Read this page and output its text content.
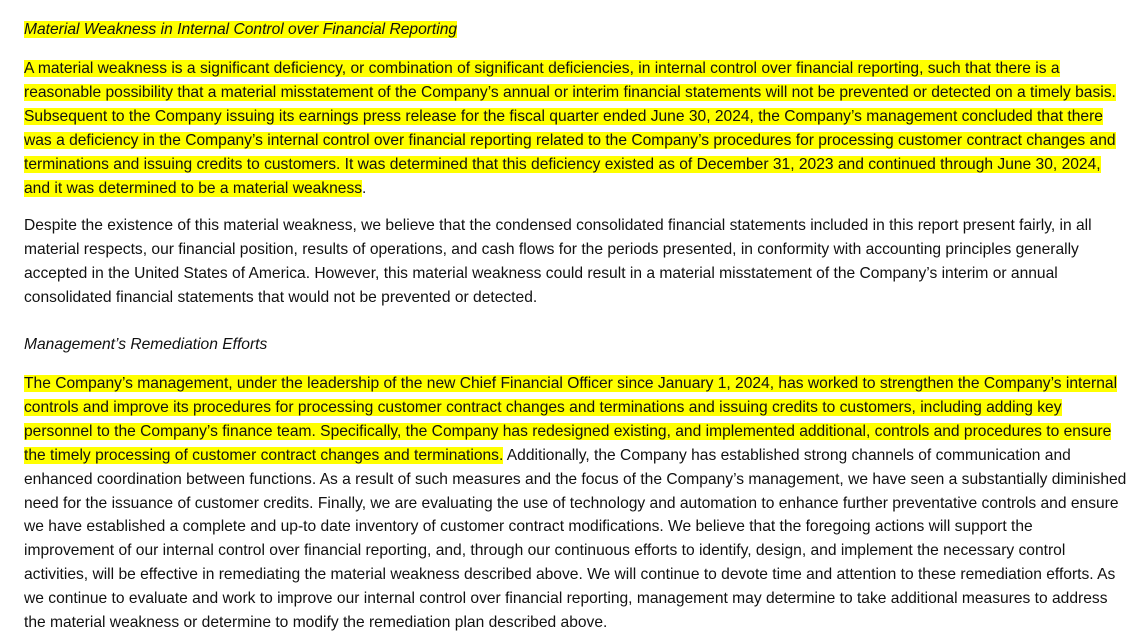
Material Weakness in Internal Control over Financial Reporting

A material weakness is a significant deficiency, or combination of significant deficiencies, in internal control over financial reporting, such that there is a reasonable possibility that a material misstatement of the Company’s annual or interim financial statements will not be prevented or detected on a timely basis. Subsequent to the Company issuing its earnings press release for the fiscal quarter ended June 30, 2024, the Company’s management concluded that there was a deficiency in the Company’s internal control over financial reporting related to the Company’s procedures for processing customer contract changes and terminations and issuing credits to customers. It was determined that this deficiency existed as of December 31, 2023 and continued through June 30, 2024, and it was determined to be a material weakness.

Despite the existence of this material weakness, we believe that the condensed consolidated financial statements included in this report present fairly, in all material respects, our financial position, results of operations, and cash flows for the periods presented, in conformity with accounting principles generally accepted in the United States of America. However, this material weakness could result in a material misstatement of the Company’s interim or annual consolidated financial statements that would not be prevented or detected.

Management’s Remediation Efforts

The Company’s management, under the leadership of the new Chief Financial Officer since January 1, 2024, has worked to strengthen the Company’s internal controls and improve its procedures for processing customer contract changes and terminations and issuing credits to customers, including adding key personnel to the Company’s finance team. Specifically, the Company has redesigned existing, and implemented additional, controls and procedures to ensure the timely processing of customer contract changes and terminations. Additionally, the Company has established strong channels of communication and enhanced coordination between functions. As a result of such measures and the focus of the Company’s management, we have seen a substantially diminished need for the issuance of customer credits. Finally, we are evaluating the use of technology and automation to enhance further preventative controls and ensure we have established a complete and up-to date inventory of customer contract modifications. We believe that the foregoing actions will support the improvement of our internal control over financial reporting, and, through our continuous efforts to identify, design, and implement the necessary control activities, will be effective in remediating the material weakness described above. We will continue to devote time and attention to these remediation efforts. As we continue to evaluate and work to improve our internal control over financial reporting, management may determine to take additional measures to address the material weakness or determine to modify the remediation plan described above.
